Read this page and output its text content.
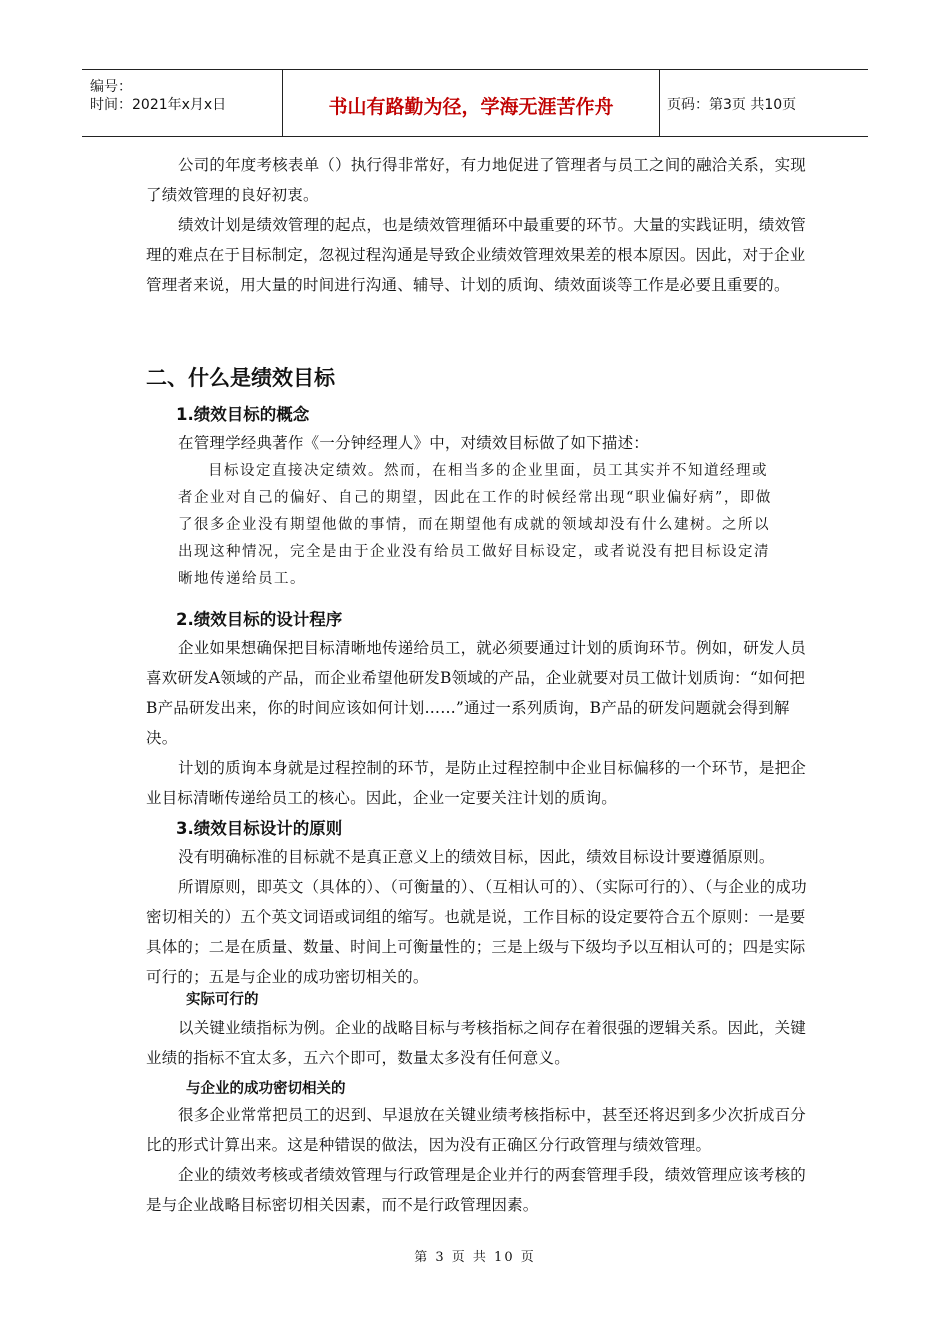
编号：
时间：2021年x月x日	书山有路勤为径，学海无涯苦作舟	页码：第3页 共10页
公司的年度考核表单（）执行得非常好，有力地促进了管理者与员工之间的融洽关系，实现了绩效管理的良好初衷。
绩效计划是绩效管理的起点，也是绩效管理循环中最重要的环节。大量的实践证明，绩效管理的难点在于目标制定，忽视过程沟通是导致企业绩效管理效果差的根本原因。因此，对于企业管理者来说，用大量的时间进行沟通、辅导、计划的质询、绩效面谈等工作是必要且重要的。
二、什么是绩效目标
1.绩效目标的概念
在管理学经典著作《一分钟经理人》中，对绩效目标做了如下描述：
目标设定直接决定绩效。然而，在相当多的企业里面，员工其实并不知道经理或者企业对自己的偏好、自己的期望，因此在工作的时候经常出现“职业偏好病”，即做了很多企业没有期望他做的事情，而在期望他有成就的领域却没有什么建树。之所以出现这种情况，完全是由于企业没有给员工做好目标设定，或者说没有把目标设定清晰地传递给员工。
2.绩效目标的设计程序
企业如果想确保把目标清晰地传递给员工，就必须要通过计划的质询环节。例如，研发人员喜欢研发A领域的产品，而企业希望他研发B领域的产品，企业就要对员工做计划质询：“如何把B产品研发出来，你的时间应该如何计划……”通过一系列质询，B产品的研发问题就会得到解决。
计划的质询本身就是过程控制的环节，是防止过程控制中企业目标偏移的一个环节，是把企业目标清晰传递给员工的核心。因此，企业一定要关注计划的质询。
3.绩效目标设计的原则
没有明确标准的目标就不是真正意义上的绩效目标，因此，绩效目标设计要遵循原则。
所谓原则，即英文（具体的）、（可衡量的）、（互相认可的）、（实际可行的）、（与企业的成功密切相关的）五个英文词语或词组的缩写。也就是说，工作目标的设定要符合五个原则：一是要具体的；二是在质量、数量、时间上可衡量性的；三是上级与下级均予以互相认可的；四是实际可行的；五是与企业的成功密切相关的。
实际可行的
以关键业绩指标为例。企业的战略目标与考核指标之间存在着很强的逻辑关系。因此，关键业绩的指标不宜太多，五六个即可，数量太多没有任何意义。
与企业的成功密切相关的
很多企业常常把员工的迟到、早退放在关键业绩考核指标中，甚至还将迟到多少次折成百分比的形式计算出来。这是种错误的做法，因为没有正确区分行政管理与绩效管理。
企业的绩效考核或者绩效管理与行政管理是企业并行的两套管理手段，绩效管理应该考核的是与企业战略目标密切相关因素，而不是行政管理因素。
第 3 页 共 10 页
